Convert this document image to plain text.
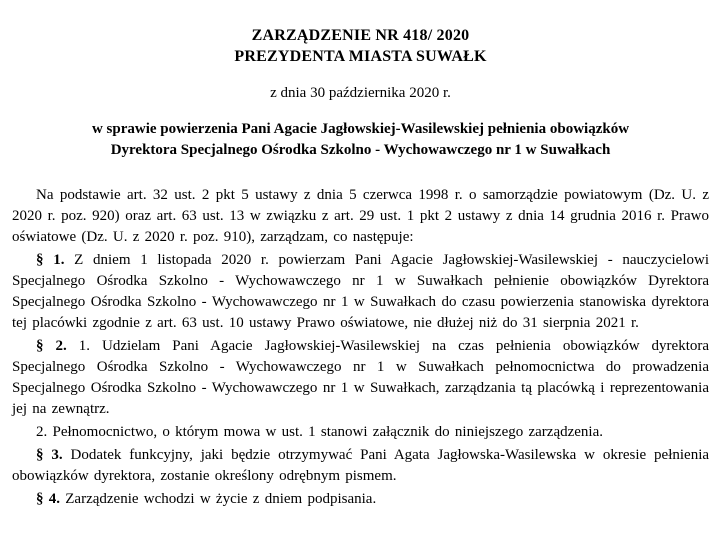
ZARZĄDZENIE NR 418/ 2020
PREZYDENTA MIASTA SUWAŁK
z dnia 30 października 2020 r.
w sprawie powierzenia Pani Agacie Jagłowskiej-Wasilewskiej pełnienia obowiązków
Dyrektora Specjalnego Ośrodka Szkolno - Wychowawczego nr 1 w Suwałkach

Na podstawie art. 32 ust. 2 pkt 5 ustawy z dnia 5 czerwca 1998 r. o samorządzie powiatowym (Dz. U. z 2020 r. poz. 920) oraz art. 63 ust. 13 w związku z art. 29 ust. 1 pkt 2 ustawy z dnia 14 grudnia 2016 r. Prawo oświatowe (Dz. U. z 2020 r. poz. 910), zarządzam, co następuje:

§ 1. Z dniem 1 listopada 2020 r. powierzam Pani Agacie Jagłowskiej-Wasilewskiej - nauczycielowi Specjalnego Ośrodka Szkolno - Wychowawczego nr 1 w Suwałkach pełnienie obowiązków Dyrektora Specjalnego Ośrodka Szkolno - Wychowawczego nr 1 w Suwałkach do czasu powierzenia stanowiska dyrektora tej placówki zgodnie z art. 63 ust. 10 ustawy Prawo oświatowe, nie dłużej niż do 31 sierpnia 2021 r.

§ 2. 1. Udzielam Pani Agacie Jagłowskiej-Wasilewskiej na czas pełnienia obowiązków dyrektora Specjalnego Ośrodka Szkolno - Wychowawczego nr 1 w Suwałkach pełnomocnictwa do prowadzenia Specjalnego Ośrodka Szkolno - Wychowawczego nr 1 w Suwałkach, zarządzania tą placówką i reprezentowania jej na zewnątrz.

2. Pełnomocnictwo, o którym mowa w ust. 1 stanowi załącznik do niniejszego zarządzenia.

§ 3. Dodatek funkcyjny, jaki będzie otrzymywać Pani Agata Jagłowska-Wasilewska w okresie pełnienia obowiązków dyrektora, zostanie określony odrębnym pismem.

§ 4. Zarządzenie wchodzi w życie z dniem podpisania.
